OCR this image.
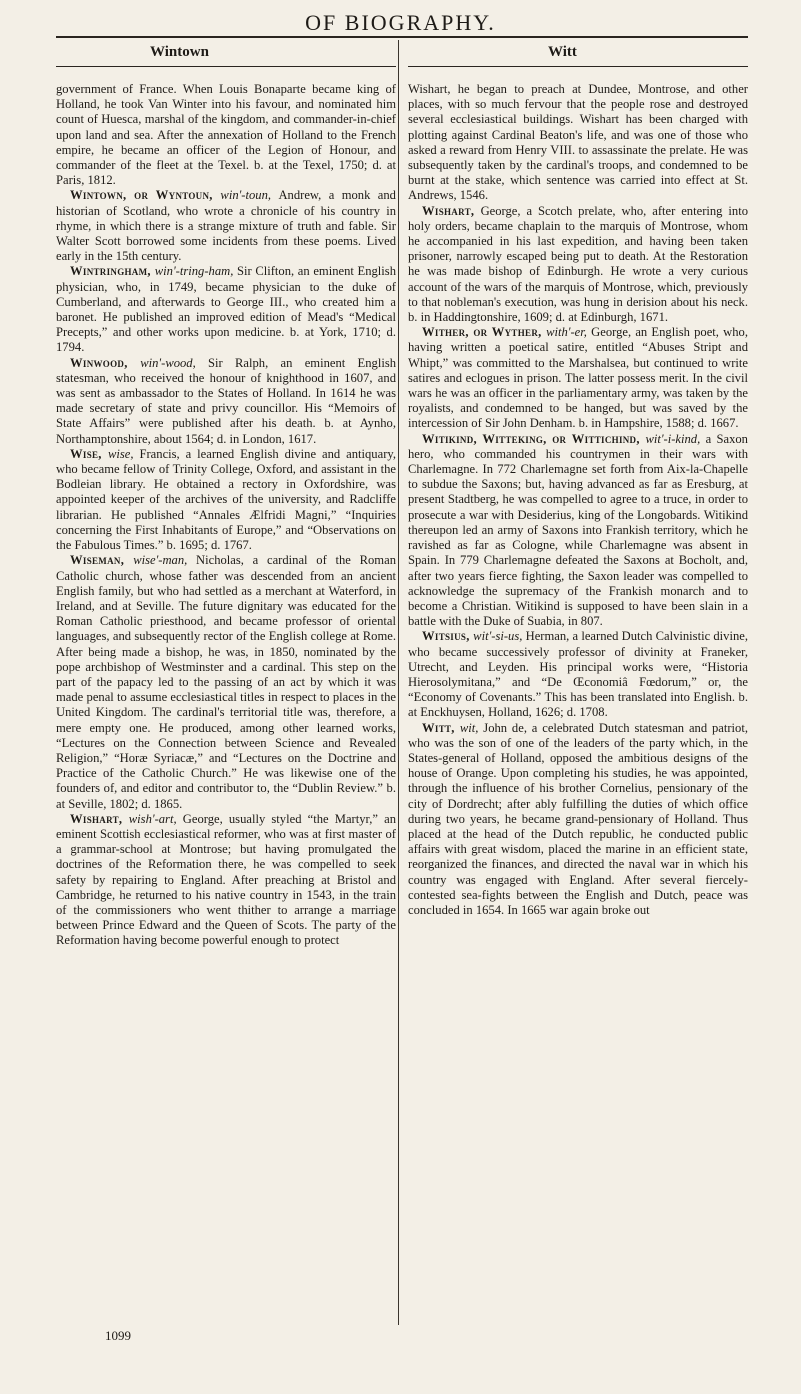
OF BIOGRAPHY.
Wintown	Witt

government of France. When Louis Bonaparte became king of Holland, he took Van Winter into his favour, and nominated him count of Huesca, marshal of the kingdom, and commander-in-chief upon land and sea. After the annexation of Holland to the French empire, he became an officer of the Legion of Honour, and commander of the fleet at the Texel. b. at the Texel, 1750; d. at Paris, 1812.

Wintown, or Wyntoun, win'-toun, Andrew, a monk and historian of Scotland, who wrote a chronicle of his country in rhyme, in which there is a strange mixture of truth and fable. Sir Walter Scott borrowed some incidents from these poems. Lived early in the 15th century.

Wintringham, win'-tring-ham, Sir Clifton, an eminent English physician, who, in 1749, became physician to the duke of Cumberland, and afterwards to George III., who created him a baronet. He published an improved edition of Mead's “Medical Precepts,” and other works upon medicine. b. at York, 1710; d. 1794.

Winwood, win'-wood, Sir Ralph, an eminent English statesman, who received the honour of knighthood in 1607, and was sent as ambassador to the States of Holland. In 1614 he was made secretary of state and privy councillor. His “Memoirs of State Affairs” were published after his death. b. at Aynho, Northamptonshire, about 1564; d. in London, 1617.

Wise, wise, Francis, a learned English divine and antiquary, who became fellow of Trinity College, Oxford, and assistant in the Bodleian library. He obtained a rectory in Oxfordshire, was appointed keeper of the archives of the university, and Radcliffe librarian. He published “Annales Ælfridi Magni,” “Inquiries concerning the First Inhabitants of Europe,” and “Observations on the Fabulous Times.” b. 1695; d. 1767.

Wiseman, wise'-man, Nicholas, a cardinal of the Roman Catholic church, whose father was descended from an ancient English family, but who had settled as a merchant at Waterford, in Ireland, and at Seville. The future dignitary was educated for the Roman Catholic priesthood, and became professor of oriental languages, and subsequently rector of the English college at Rome. After being made a bishop, he was, in 1850, nominated by the pope archbishop of Westminster and a cardinal. This step on the part of the papacy led to the passing of an act by which it was made penal to assume ecclesiastical titles in respect to places in the United Kingdom. The cardinal's territorial title was, therefore, a mere empty one. He produced, among other learned works, “Lectures on the Connection between Science and Revealed Religion,” “Horæ Syriacæ,” and “Lectures on the Doctrine and Practice of the Catholic Church.” He was likewise one of the founders of, and editor and contributor to, the “Dublin Review.” b. at Seville, 1802; d. 1865.

Wishart, wish'-art, George, usually styled “the Martyr,” an eminent Scottish ecclesiastical reformer, who was at first master of a grammar-school at Montrose; but having promulgated the doctrines of the Reformation there, he was compelled to seek safety by repairing to England. After preaching at Bristol and Cambridge, he returned to his native country in 1543, in the train of the commissioners who went thither to arrange a marriage between Prince Edward and the Queen of Scots. The party of the Reformation having become powerful enough to protect

Wishart, he began to preach at Dundee, Montrose, and other places, with so much fervour that the people rose and destroyed several ecclesiastical buildings. Wishart has been charged with plotting against Cardinal Beaton's life, and was one of those who asked a reward from Henry VIII. to assassinate the prelate. He was subsequently taken by the cardinal's troops, and condemned to be burnt at the stake, which sentence was carried into effect at St. Andrews, 1546.

Wishart, George, a Scotch prelate, who, after entering into holy orders, became chaplain to the marquis of Montrose, whom he accompanied in his last expedition, and having been taken prisoner, narrowly escaped being put to death. At the Restoration he was made bishop of Edinburgh. He wrote a very curious account of the wars of the marquis of Montrose, which, previously to that nobleman's execution, was hung in derision about his neck. b. in Haddingtonshire, 1609; d. at Edinburgh, 1671.

Wither, or Wyther, with'-er, George, an English poet, who, having written a poetical satire, entitled “Abuses Stript and Whipt,” was committed to the Marshalsea, but continued to write satires and eclogues in prison. The latter possess merit. In the civil wars he was an officer in the parliamentary army, was taken by the royalists, and condemned to be hanged, but was saved by the intercession of Sir John Denham. b. in Hampshire, 1588; d. 1667.

Witikind, Witteking, or Wittichind, wit'-i-kind, a Saxon hero, who commanded his countrymen in their wars with Charlemagne. In 772 Charlemagne set forth from Aix-la-Chapelle to subdue the Saxons; but, having advanced as far as Eresburg, at present Stadtberg, he was compelled to agree to a truce, in order to prosecute a war with Desiderius, king of the Longobards. Witikind thereupon led an army of Saxons into Frankish territory, which he ravished as far as Cologne, while Charlemagne was absent in Spain. In 779 Charlemagne defeated the Saxons at Bocholt, and, after two years fierce fighting, the Saxon leader was compelled to acknowledge the supremacy of the Frankish monarch and to become a Christian. Witikind is supposed to have been slain in a battle with the Duke of Suabia, in 807.

Witsius, wit'-si-us, Herman, a learned Dutch Calvinistic divine, who became successively professor of divinity at Franeker, Utrecht, and Leyden. His principal works were, “Historia Hierosolymitana,” and “De Œconomiâ Fœdorum,” or, the “Economy of Covenants.” This has been translated into English. b. at Enckhuysen, Holland, 1626; d. 1708.

Witt, wit, John de, a celebrated Dutch statesman and patriot, who was the son of one of the leaders of the party which, in the States-general of Holland, opposed the ambitious designs of the house of Orange. Upon completing his studies, he was appointed, through the influence of his brother Cornelius, pensionary of the city of Dordrecht; after ably fulfilling the duties of which office during two years, he became grand-pensionary of Holland. Thus placed at the head of the Dutch republic, he conducted public affairs with great wisdom, placed the marine in an efficient state, reorganized the finances, and directed the naval war in which his country was engaged with England. After several fiercely-contested sea-fights between the English and Dutch, peace was concluded in 1654. In 1665 war again broke out

1099
